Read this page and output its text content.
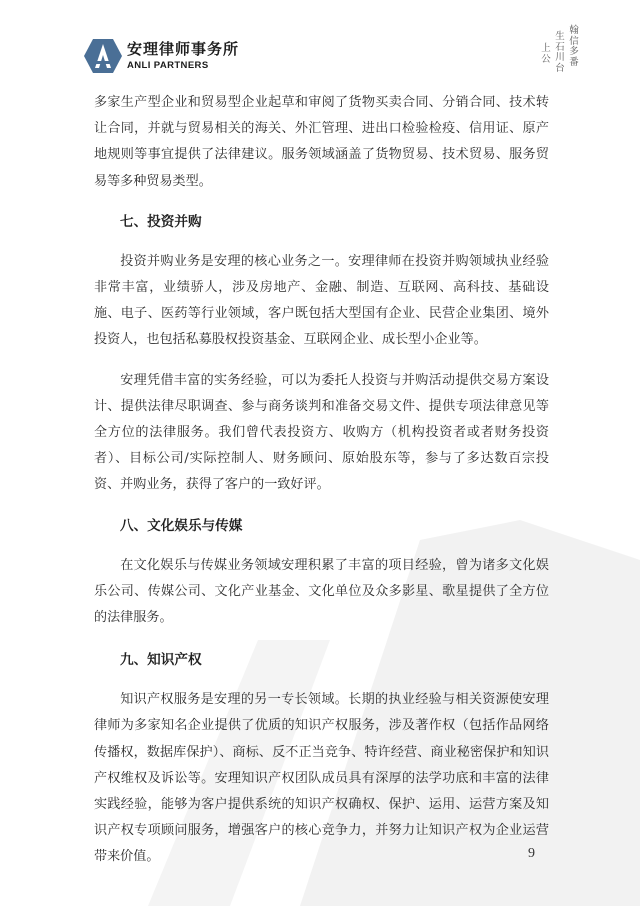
安理律师事务所
ANLI PARTNERS
翰信多番
生石川台
上公

多家生产型企业和贸易型企业起草和审阅了货物买卖合同、分销合同、技术转让合同，并就与贸易相关的海关、外汇管理、进出口检验检疫、信用证、原产地规则等事宜提供了法律建议。服务领域涵盖了货物贸易、技术贸易、服务贸易等多种贸易类型。

七、投资并购

投资并购业务是安理的核心业务之一。安理律师在投资并购领域执业经验非常丰富，业绩骄人，涉及房地产、金融、制造、互联网、高科技、基础设施、电子、医药等行业领域，客户既包括大型国有企业、民营企业集团、境外投资人，也包括私募股权投资基金、互联网企业、成长型小企业等。

安理凭借丰富的实务经验，可以为委托人投资与并购活动提供交易方案设计、提供法律尽职调查、参与商务谈判和准备交易文件、提供专项法律意见等全方位的法律服务。我们曾代表投资方、收购方（机构投资者或者财务投资者）、目标公司/实际控制人、财务顾问、原始股东等，参与了多达数百宗投资、并购业务，获得了客户的一致好评。

八、文化娱乐与传媒

在文化娱乐与传媒业务领域安理积累了丰富的项目经验，曾为诸多文化娱乐公司、传媒公司、文化产业基金、文化单位及众多影星、歌星提供了全方位的法律服务。

九、知识产权

知识产权服务是安理的另一专长领域。长期的执业经验与相关资源使安理律师为多家知名企业提供了优质的知识产权服务，涉及著作权（包括作品网络传播权，数据库保护）、商标、反不正当竞争、特许经营、商业秘密保护和知识产权维权及诉讼等。安理知识产权团队成员具有深厚的法学功底和丰富的法律实践经验，能够为客户提供系统的知识产权确权、保护、运用、运营方案及知识产权专项顾问服务，增强客户的核心竞争力，并努力让知识产权为企业运营带来价值。	9
